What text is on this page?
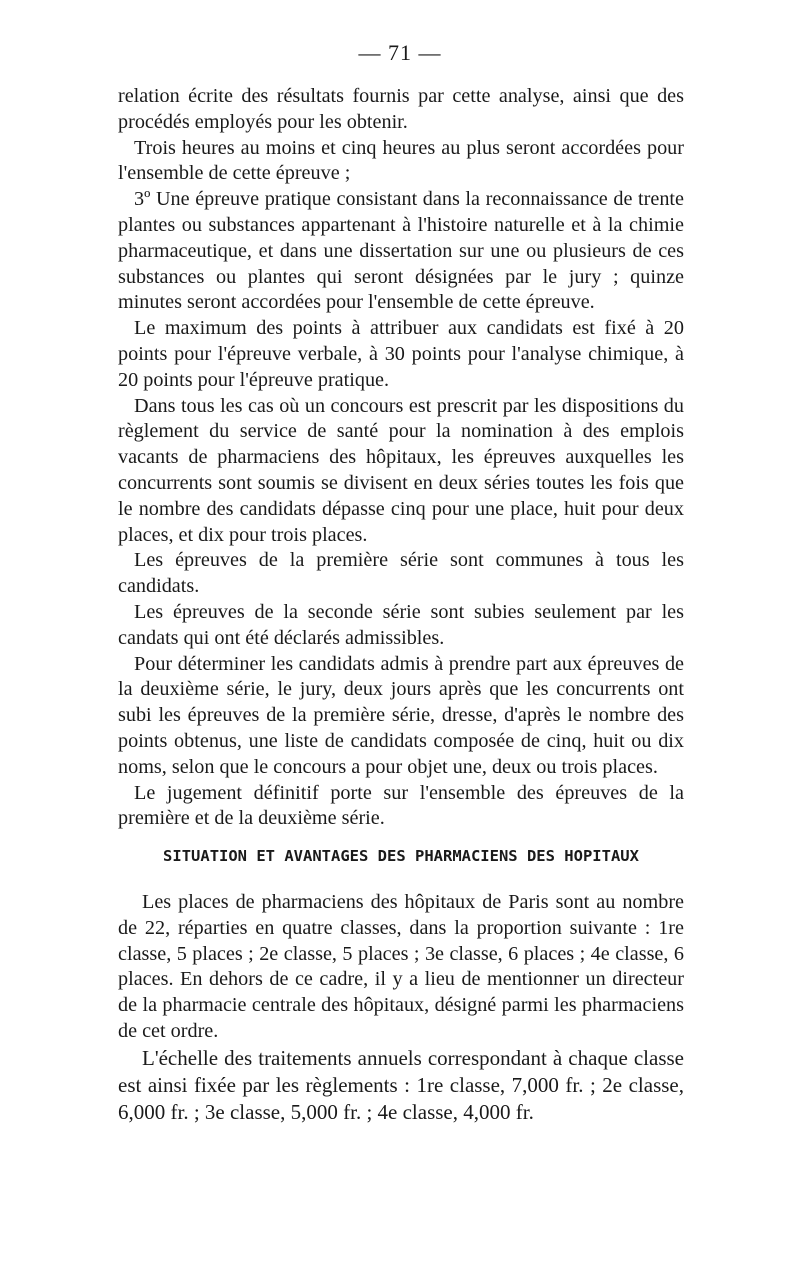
— 71 —

relation écrite des résultats fournis par cette analyse, ainsi que des procédés employés pour les obtenir.

Trois heures au moins et cinq heures au plus seront accordées pour l'ensemble de cette épreuve ;

3º Une épreuve pratique consistant dans la reconnaissance de trente plantes ou substances appartenant à l'histoire naturelle et à la chimie pharmaceutique, et dans une dissertation sur une ou plusieurs de ces substances ou plantes qui seront désignées par le jury ; quinze minutes seront accordées pour l'ensemble de cette épreuve.

Le maximum des points à attribuer aux candidats est fixé à 20 points pour l'épreuve verbale, à 30 points pour l'analyse chimique, à 20 points pour l'épreuve pratique.

Dans tous les cas où un concours est prescrit par les dispositions du règlement du service de santé pour la nomination à des emplois vacants de pharmaciens des hôpitaux, les épreuves auxquelles les concurrents sont soumis se divisent en deux séries toutes les fois que le nombre des candidats dépasse cinq pour une place, huit pour deux places, et dix pour trois places.

Les épreuves de la première série sont communes à tous les candidats.

Les épreuves de la seconde série sont subies seulement par les candats qui ont été déclarés admissibles.

Pour déterminer les candidats admis à prendre part aux épreuves de la deuxième série, le jury, deux jours après que les concurrents ont subi les épreuves de la première série, dresse, d'après le nombre des points obtenus, une liste de candidats composée de cinq, huit ou dix noms, selon que le concours a pour objet une, deux ou trois places.

Le jugement définitif porte sur l'ensemble des épreuves de la première et de la deuxième série.

SITUATION ET AVANTAGES DES PHARMACIENS DES HOPITAUX

Les places de pharmaciens des hôpitaux de Paris sont au nombre de 22, réparties en quatre classes, dans la proportion suivante : 1re classe, 5 places ; 2e classe, 5 places ; 3e classe, 6 places ; 4e classe, 6 places. En dehors de ce cadre, il y a lieu de mentionner un directeur de la pharmacie centrale des hôpitaux, désigné parmi les pharmaciens de cet ordre.

L'échelle des traitements annuels correspondant à chaque classe est ainsi fixée par les règlements : 1re classe, 7,000 fr. ; 2e classe, 6,000 fr. ; 3e classe, 5,000 fr. ; 4e classe, 4,000 fr.
